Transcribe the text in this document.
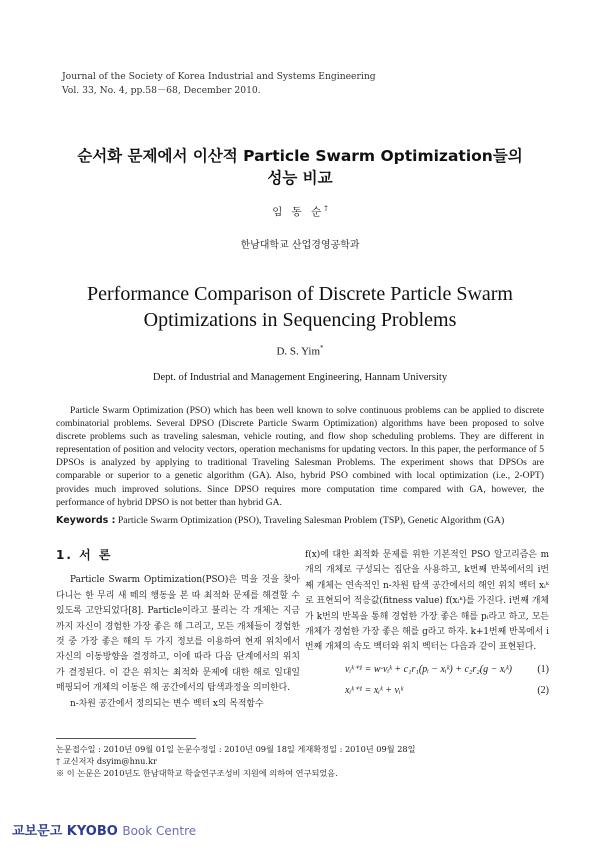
Journal of the Society of Korea Industrial and Systems Engineering
Vol. 33, No. 4, pp.58－68, December 2010.
순서화 문제에서 이산적 Particle Swarm Optimization들의
성능 비교
임 동 순†
한남대학교 산업경영공학과
Performance Comparison of Discrete Particle Swarm
Optimizations in Sequencing Problems
D. S. Yim*
Dept. of Industrial and Management Engineering, Hannam University
Particle Swarm Optimization (PSO) which has been well known to solve continuous problems can be applied to discrete combinatorial problems. Several DPSO (Discrete Particle Swarm Optimization) algorithms have been proposed to solve discrete problems such as traveling salesman, vehicle routing, and flow shop scheduling problems. They are different in representation of position and velocity vectors, operation mechanisms for updating vectors. In this paper, the performance of 5 DPSOs is analyzed by applying to traditional Traveling Salesman Problems. The experiment shows that DPSOs are comparable or superior to a genetic algorithm (GA). Also, hybrid PSO combined with local optimization (i.e., 2-OPT) provides much improved solutions. Since DPSO requires more computation time compared with GA, however, the performance of hybrid DPSO is not better than hybrid GA.
Keywords : Particle Swarm Optimization (PSO), Traveling Salesman Problem (TSP), Genetic Algorithm (GA)
1. 서 론
Particle Swarm Optimization(PSO)은 먹을 것을 찾아 다니는 한 무리 새 떼의 행동을 본 따 최적화 문제를 해결할 수 있도록 고안되었다[8]. Particle이라고 불리는 각 개체는 지금까지 자신이 경험한 가장 좋은 해 그리고, 모든 개체들이 경험한 것 중 가장 좋은 해의 두 가지 정보를 이용하여 현재 위치에서 자신의 이동방향을 결정하고, 이에 따라 다음 단계에서의 위치가 결정된다. 이 같은 위치는 최적화 문제에 대한 해로 일대일 매핑되어 개체의 이동은 해 공간에서의 탐색과정을 의미한다.
n-차원 공간에서 정의되는 변수 벡터 x의 목적함수
f(x)에 대한 최적화 문제를 위한 기본적인 PSO 알고리즘은 m개의 개체로 구성되는 집단을 사용하고, k번째 반복에서의 i번째 개체는 연속적인 n-차원 탐색 공간에서의 해인 위치 벡터 xᵢᵏ로 표현되어 적응값(fitness value) f(xᵢᵏ)를 가진다. i번째 개체가 k번의 반복을 통해 경험한 가장 좋은 해를 pᵢ라고 하고, 모든 개체가 경험한 가장 좋은 해를 g라고 하자. k+1번째 반복에서 i번째 개체의 속도 벡터와 위치 벡터는 다음과 같이 표현된다.
vᵢᵏ⁺¹ = w·vᵢᵏ + c₁r₁(pᵢ − xᵢᵏ) + c₂r₂(g − xᵢᵏ)	(1)
xᵢᵏ⁺¹ = xᵢᵏ + vᵢᵏ	(2)
논문접수일 : 2010년 09월 01일 논문수정일 : 2010년 09월 18일 게재확정일 : 2010년 09월 28일
† 교신저자 dsyim@hnu.kr
※ 이 논문은 2010년도 한남대학교 학술연구조성비 지원에 의하여 연구되었음.
교보문고 KYOBO Book Centre
